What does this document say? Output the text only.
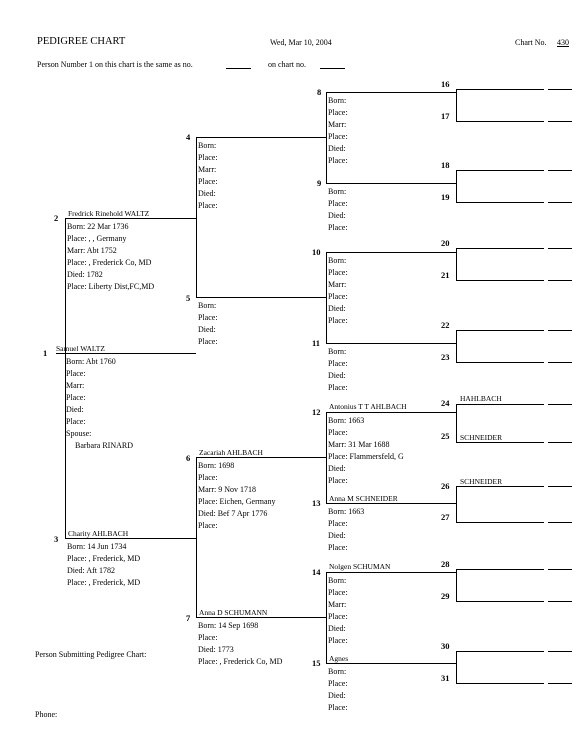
PEDIGREE CHART	Wed, Mar 10, 2004	Chart No. 430
Person Number 1 on this chart is the same as no.	on chart no.
1 Samuel WALTZ
Born: Abt 1760
Place:
Marr:
Place:
Died:
Place:
Spouse:
Barbara RINARD
2 Fredrick Rinehold WALTZ
Born: 22 Mar 1736
Place: , , Germany
Marr: Abt 1752
Place: , Frederick Co, MD
Died: 1782
Place: Liberty Dist,FC,MD
3
Charity AHLBACH
Born: 14 Jun 1734
Place: , Frederick, MD
Died: Aft 1782
Place: , Frederick, MD
4
Born:
Place:
Marr:
Place:
Died:
Place:
5
Born:
Place:
Died:
Place:
6
Zacariah AHLBACH
Born: 1698
Place:
Marr: 9 Nov 1718
Place: Eichen, Germany
Died: Bef 7 Apr 1776
Place:
7
Anna D SCHUMANN
Born: 14 Sep 1698
Place:
Died: 1773
Place: , Frederick Co, MD
8
Born:
Place:
Marr:
Place:
Died:
Place:
9
Born:
Place:
Died:
Place:
10
Born:
Place:
Marr:
Place:
Died:
Place:
11
Born:
Place:
Died:
Place:
12
Antonius T T AHLBACH
Born: 1663
Place:
Marr: 31 Mar 1688
Place: Flammersfeld, G
Died:
Place:
13 Anna M SCHNEIDER
Born: 1663
Place:
Died:
Place:
14
Nolgen SCHUMAN
Born:
Place:
Marr:
Place:
Died:
Place:
15 Agnes
Born:
Place:
Died:
Place:
16
17
18
19
20
21
22
23
24 HAHLBACH
25 SCHNEIDER
26 SCHNEIDER
27
28
29
30
31
Person Submitting Pedigree Chart:
Phone:
